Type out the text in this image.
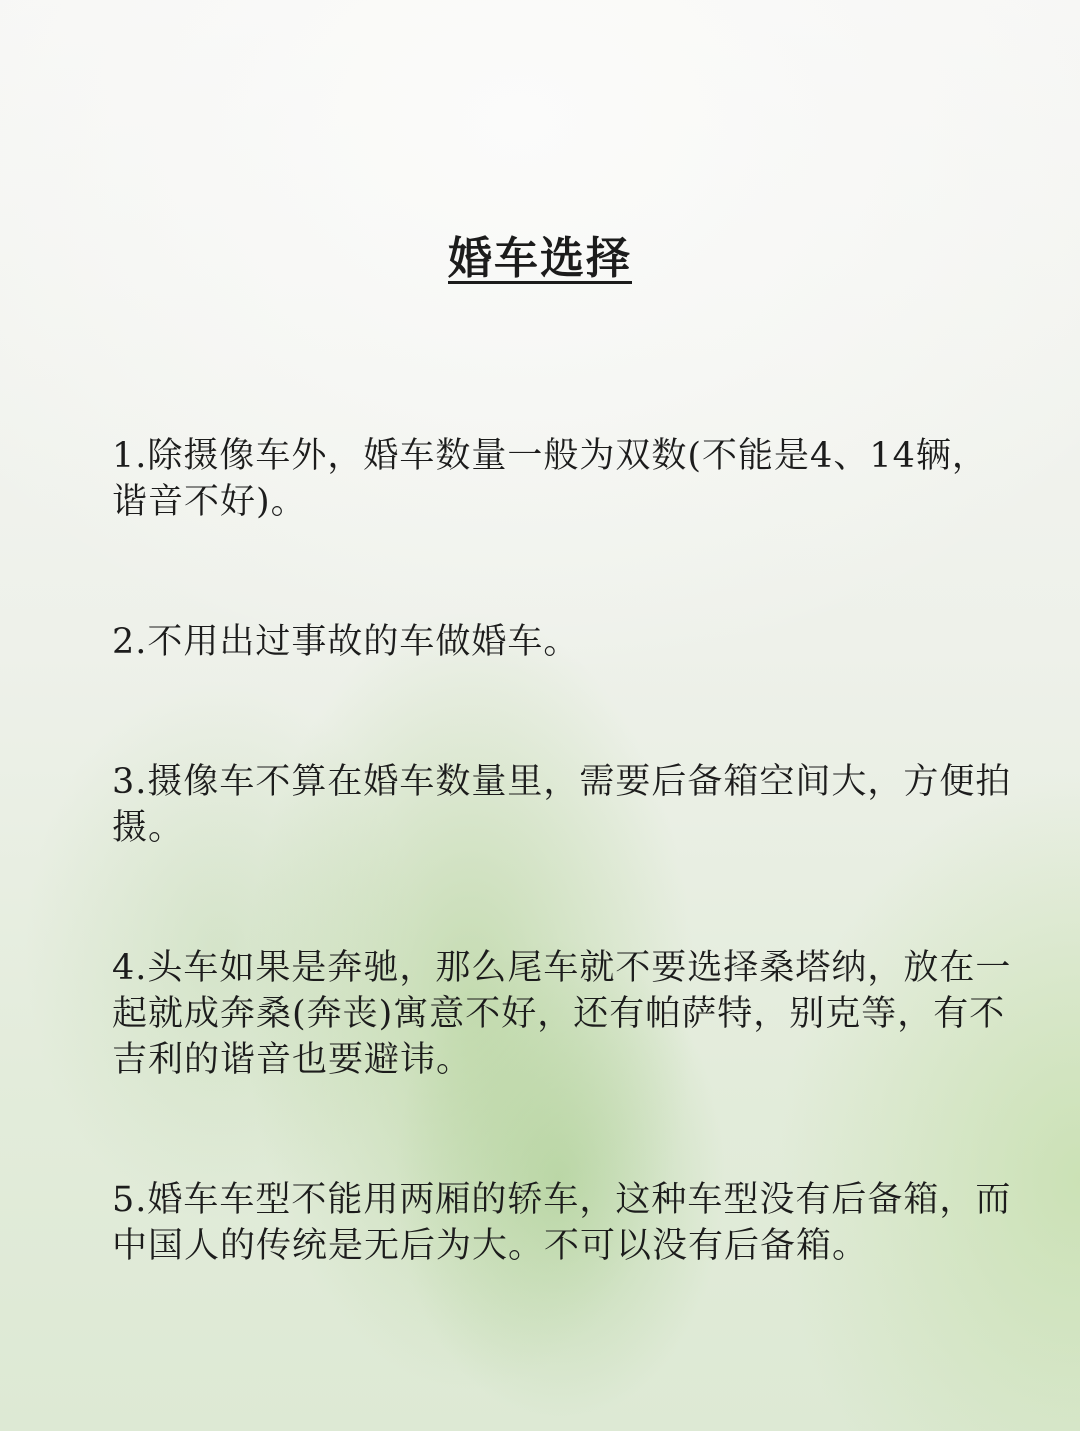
婚车选择

1.除摄像车外，婚车数量一般为双数(不能是4、14辆，谐音不好)。

2.不用出过事故的车做婚车。

3.摄像车不算在婚车数量里，需要后备箱空间大，方便拍摄。

4.头车如果是奔驰，那么尾车就不要选择桑塔纳，放在一起就成奔桑(奔丧)寓意不好，还有帕萨特，别克等，有不吉利的谐音也要避讳。

5.婚车车型不能用两厢的轿车，这种车型没有后备箱，而中国人的传统是无后为大。不可以没有后备箱。
